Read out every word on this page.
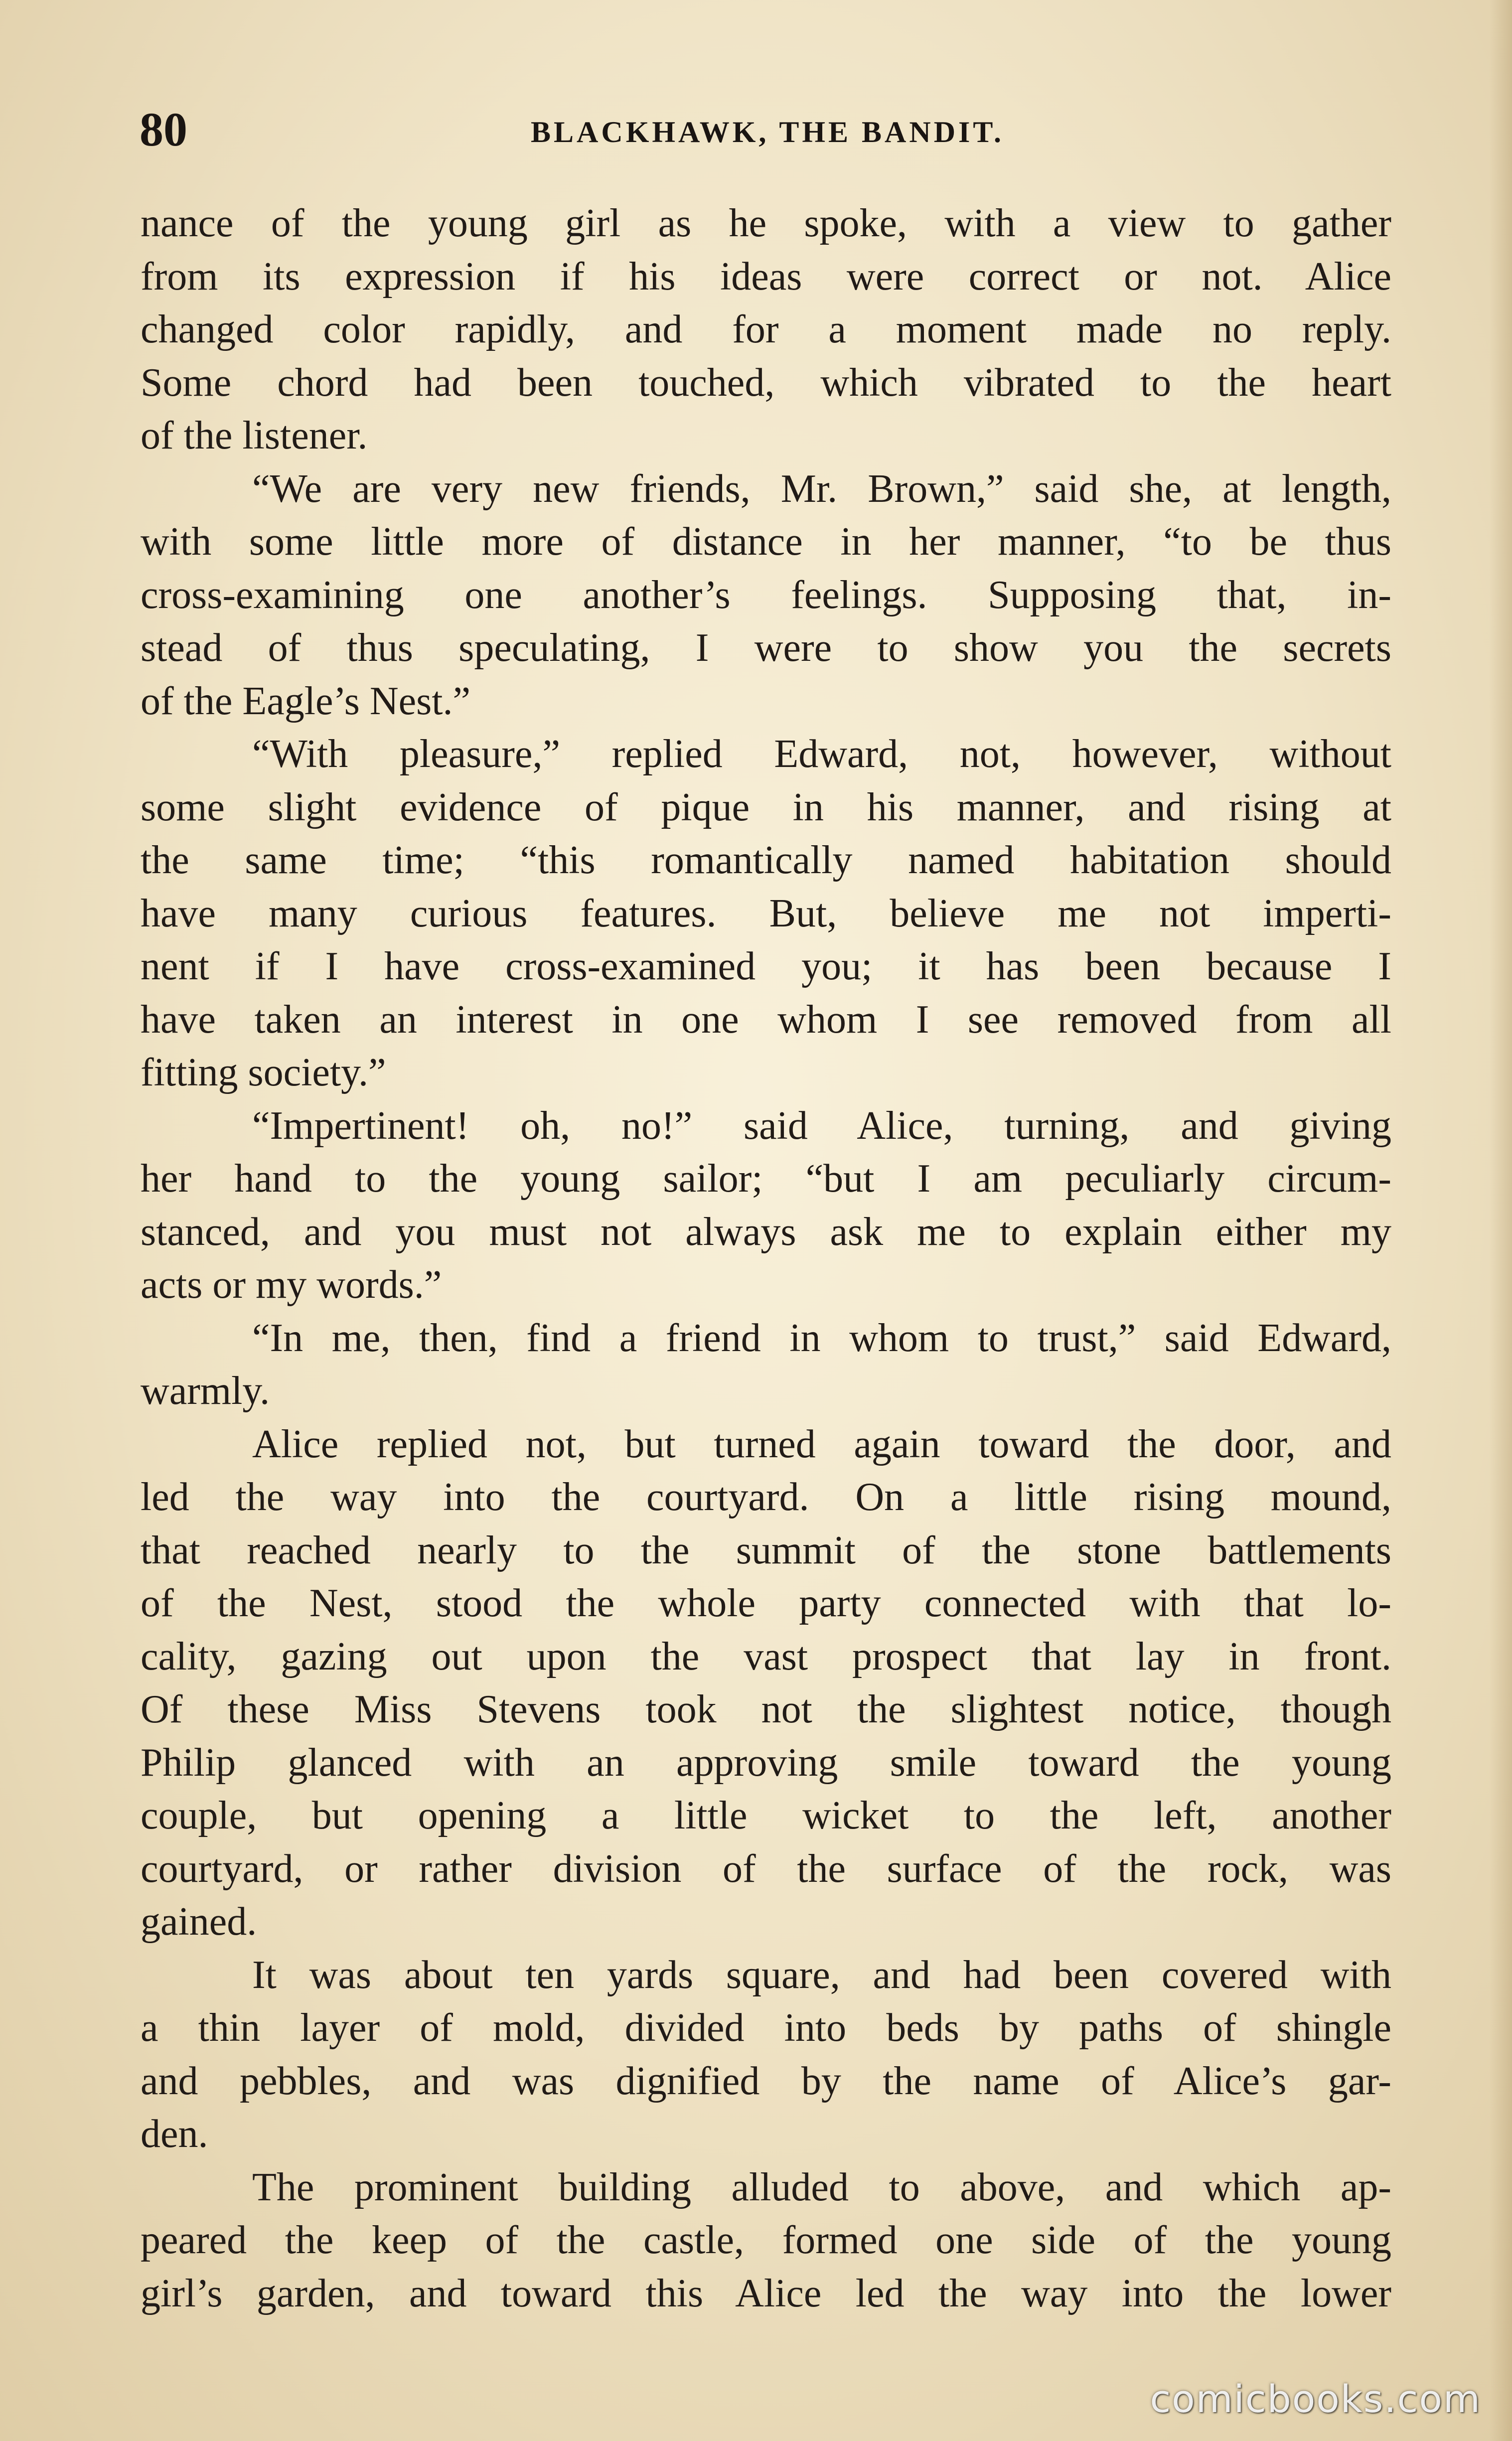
80	BLACKHAWK, THE BANDIT.
nance of the young girl as he spoke, with a view to gather
from its expression if his ideas were correct or not. Alice
changed color rapidly, and for a moment made no reply.
Some chord had been touched, which vibrated to the heart
of the listener.
“We are very new friends, Mr. Brown,” said she, at length,
with some little more of distance in her manner, “to be thus
cross-examining one another’s feelings. Supposing that, in-
stead of thus speculating, I were to show you the secrets
of the Eagle’s Nest.”
“With pleasure,” replied Edward, not, however, without
some slight evidence of pique in his manner, and rising at
the same time; “this romantically named habitation should
have many curious features. But, believe me not imperti-
nent if I have cross-examined you; it has been because I
have taken an interest in one whom I see removed from all
fitting society.”
“Impertinent! oh, no!” said Alice, turning, and giving
her hand to the young sailor; “but I am peculiarly circum-
stanced, and you must not always ask me to explain either my
acts or my words.”
“In me, then, find a friend in whom to trust,” said Edward,
warmly.
Alice replied not, but turned again toward the door, and
led the way into the courtyard. On a little rising mound,
that reached nearly to the summit of the stone battlements
of the Nest, stood the whole party connected with that lo-
cality, gazing out upon the vast prospect that lay in front.
Of these Miss Stevens took not the slightest notice, though
Philip glanced with an approving smile toward the young
couple, but opening a little wicket to the left, another
courtyard, or rather division of the surface of the rock, was
gained.
It was about ten yards square, and had been covered with
a thin layer of mold, divided into beds by paths of shingle
and pebbles, and was dignified by the name of Alice’s gar-
den.
The prominent building alluded to above, and which ap-
peared the keep of the castle, formed one side of the young
girl’s garden, and toward this Alice led the way into the lower
comicbooks.com
